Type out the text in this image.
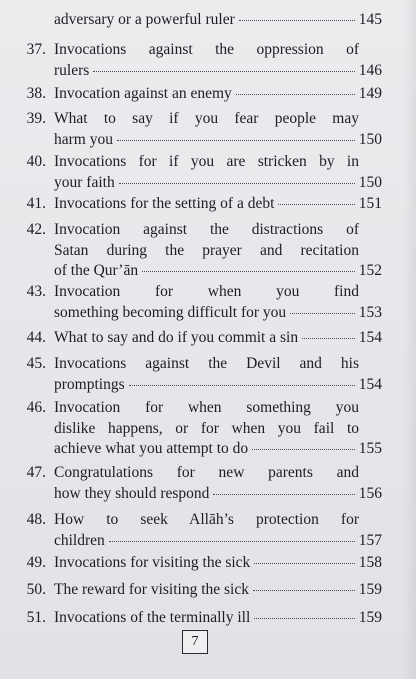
adversary or a powerful ruler	145
37. Invocations against the oppression of
rulers	146
38. Invocation against an enemy	149
39. What to say if you fear people may
harm you	150
40. Invocations for if you are stricken by in
your faith	150
41. Invocations for the setting of a debt	151
42. Invocation against the distractions of
Satan during the prayer and recitation
of the Qur’ān	152
43. Invocation for when you find
something becoming difficult for you	153
44. What to say and do if you commit a sin	154
45. Invocations against the Devil and his
promptings	154
46. Invocation for when something you
dislike happens, or for when you fail to
achieve what you attempt to do	155
47. Congratulations for new parents and
how they should respond	156
48. How to seek Allāh’s protection for
children	157
49. Invocations for visiting the sick	158
50. The reward for visiting the sick	159
51. Invocations of the terminally ill	159
7
